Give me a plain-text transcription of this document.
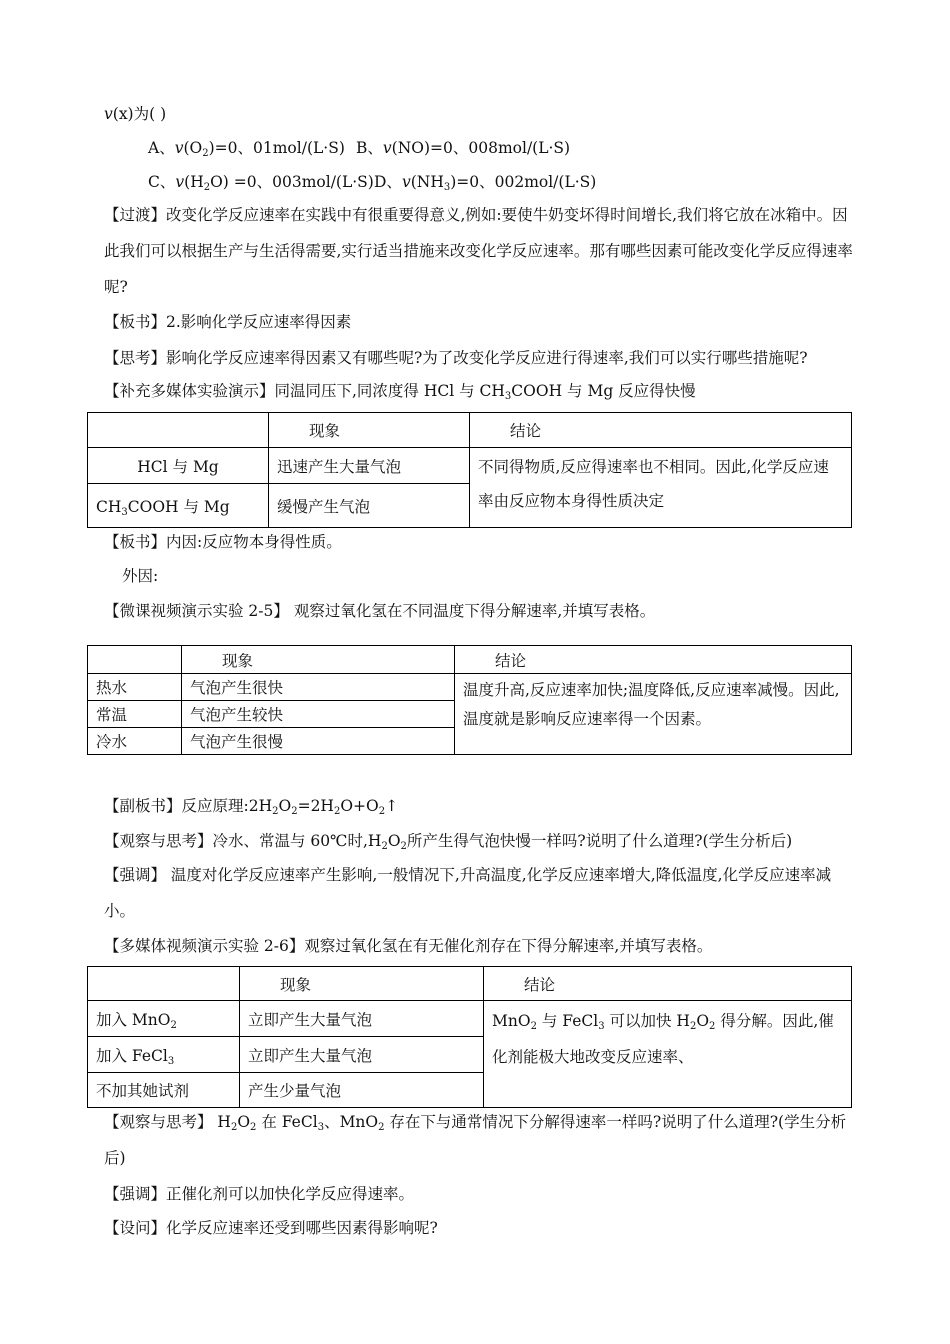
v(x)为( )
A、$v(O_2)=0$、01mol/(L·S) B、v(NO)=0、008mol/(L·S)
C、$v(H_2O) =0$、003mol/(L·S) D、$v(NH_3)=0$、002mol/(L·S)
【过渡】改变化学反应速率在实践中有很重要得意义,例如:要使牛奶变坏得时间增长,我们将它放在冰箱中。因此我们可以根据生产与生活得需要,实行适当措施来改变化学反应速率。那有哪些因素可能改变化学反应得速率呢?
【板书】2.影响化学反应速率得因素
【思考】影响化学反应速率得因素又有哪些呢?为了改变化学反应进行得速率,我们可以实行哪些措施呢?
【补充多媒体实验演示】同温同压下,同浓度得 HCl 与 $CH_3COOH$ 与 Mg 反应得快慢
	现象	结论
HCl 与 Mg	迅速产生大量气泡	不同得物质,反应得速率也不相同。因此,化学反应速率由反应物本身得性质决定
$CH_3COOH$ 与 Mg	缓慢产生气泡	
【板书】内因:反应物本身得性质。
外因:
【微课视频演示实验 2-5】 观察过氧化氢在不同温度下得分解速率,并填写表格。
	现象	结论
热水	气泡产生很快	温度升高,反应速率加快;温度降低,反应速率减慢。因此,温度就是影响反应速率得一个因素。
常温	气泡产生较快	
冷水	气泡产生很慢	
【副板书】反应原理$:2H_2O_2=2H_2O+O_2↑$
【观察与思考】冷水、常温与 60℃时$,H_2O_2$所产生得气泡快慢一样吗?说明了什么道理?(学生分析后)
【强调】 温度对化学反应速率产生影响,一般情况下,升高温度,化学反应速率增大,降低温度,化学反应速率减小。
【多媒体视频演示实验 2-6】观察过氧化氢在有无催化剂存在下得分解速率,并填写表格。
	现象	结论
加入 MnO$_2$	立即产生大量气泡	MnO$_2$ 与 FeCl$_3$ 可以加快 $H_2O_2$ 得分解。因此,催化剂能极大地改变反应速率、
加入 FeCl$_3$	立即产生大量气泡	
不加其她试剂	产生少量气泡	
【观察与思考】 $H_2O_2$ 在 FeCl$_3$、MnO$_2$ 存在下与通常情况下分解得速率一样吗?说明了什么道理?(学生分析后)
【强调】正催化剂可以加快化学反应得速率。
【设问】化学反应速率还受到哪些因素得影响呢?
